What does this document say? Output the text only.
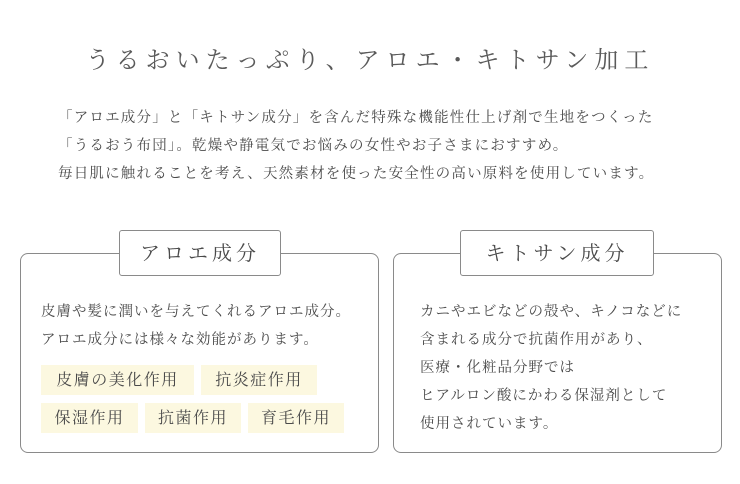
うるおいたっぷり、アロエ・キトサン加工

「アロエ成分」と「キトサン成分」を含んだ特殊な機能性仕上げ剤で生地をつくった

「うるおう布団」。乾燥や静電気でお悩みの女性やお子さまにおすすめ。

毎日肌に触れることを考え、天然素材を使った安全性の高い原料を使用しています。

アロエ成分

皮膚や髪に潤いを与えてくれるアロエ成分。

アロエ成分には様々な効能があります。

皮膚の美化作用	抗炎症作用
保湿作用	抗菌作用	育毛作用
キトサン成分

カニやエビなどの殻や、キノコなどに

含まれる成分で抗菌作用があり、

医療・化粧品分野では

ヒアルロン酸にかわる保湿剤として

使用されています。
